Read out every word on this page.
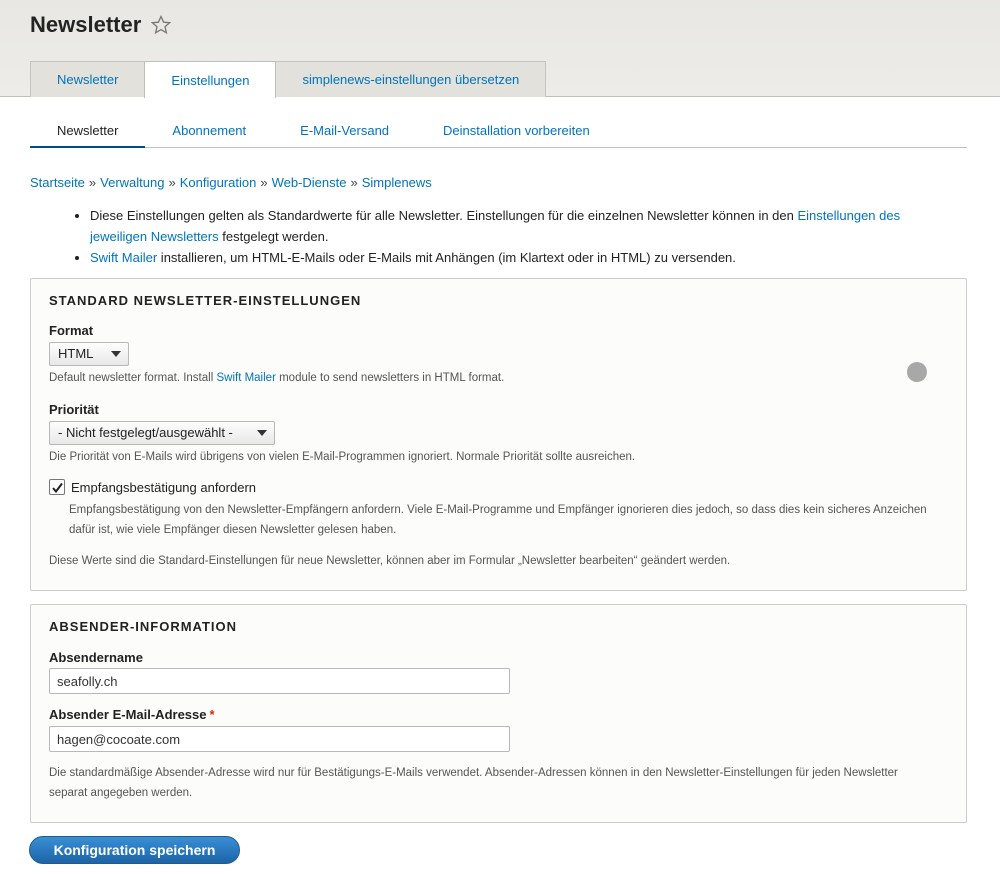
Newsletter
Newsletter	Einstellungen	simplenews-einstellungen übersetzen
Newsletter	Abonnement	E-Mail-Versand	Deinstallation vorbereiten
Startseite » Verwaltung » Konfiguration » Web-Dienste » Simplenews
• Diese Einstellungen gelten als Standardwerte für alle Newsletter. Einstellungen für die einzelnen Newsletter können in den Einstellungen des jeweiligen Newsletters festgelegt werden.
• Swift Mailer installieren, um HTML-E-Mails oder E-Mails mit Anhängen (im Klartext oder in HTML) zu versenden.
STANDARD NEWSLETTER-EINSTELLUNGEN
Format
HTML
Default newsletter format. Install Swift Mailer module to send newsletters in HTML format.
Priorität
- Nicht festgelegt/ausgewählt -
Die Priorität von E-Mails wird übrigens von vielen E-Mail-Programmen ignoriert. Normale Priorität sollte ausreichen.
Empfangsbestätigung anfordern
Empfangsbestätigung von den Newsletter-Empfängern anfordern. Viele E-Mail-Programme und Empfänger ignorieren dies jedoch, so dass dies kein sicheres Anzeichen dafür ist, wie viele Empfänger diesen Newsletter gelesen haben.
Diese Werte sind die Standard-Einstellungen für neue Newsletter, können aber im Formular „Newsletter bearbeiten“ geändert werden.
ABSENDER-INFORMATION
Absendername
seafolly.ch
Absender E-Mail-Adresse *
hagen@cocoate.com
Die standardmäßige Absender-Adresse wird nur für Bestätigungs-E-Mails verwendet. Absender-Adressen können in den Newsletter-Einstellungen für jeden Newsletter separat angegeben werden.
Konfiguration speichern
